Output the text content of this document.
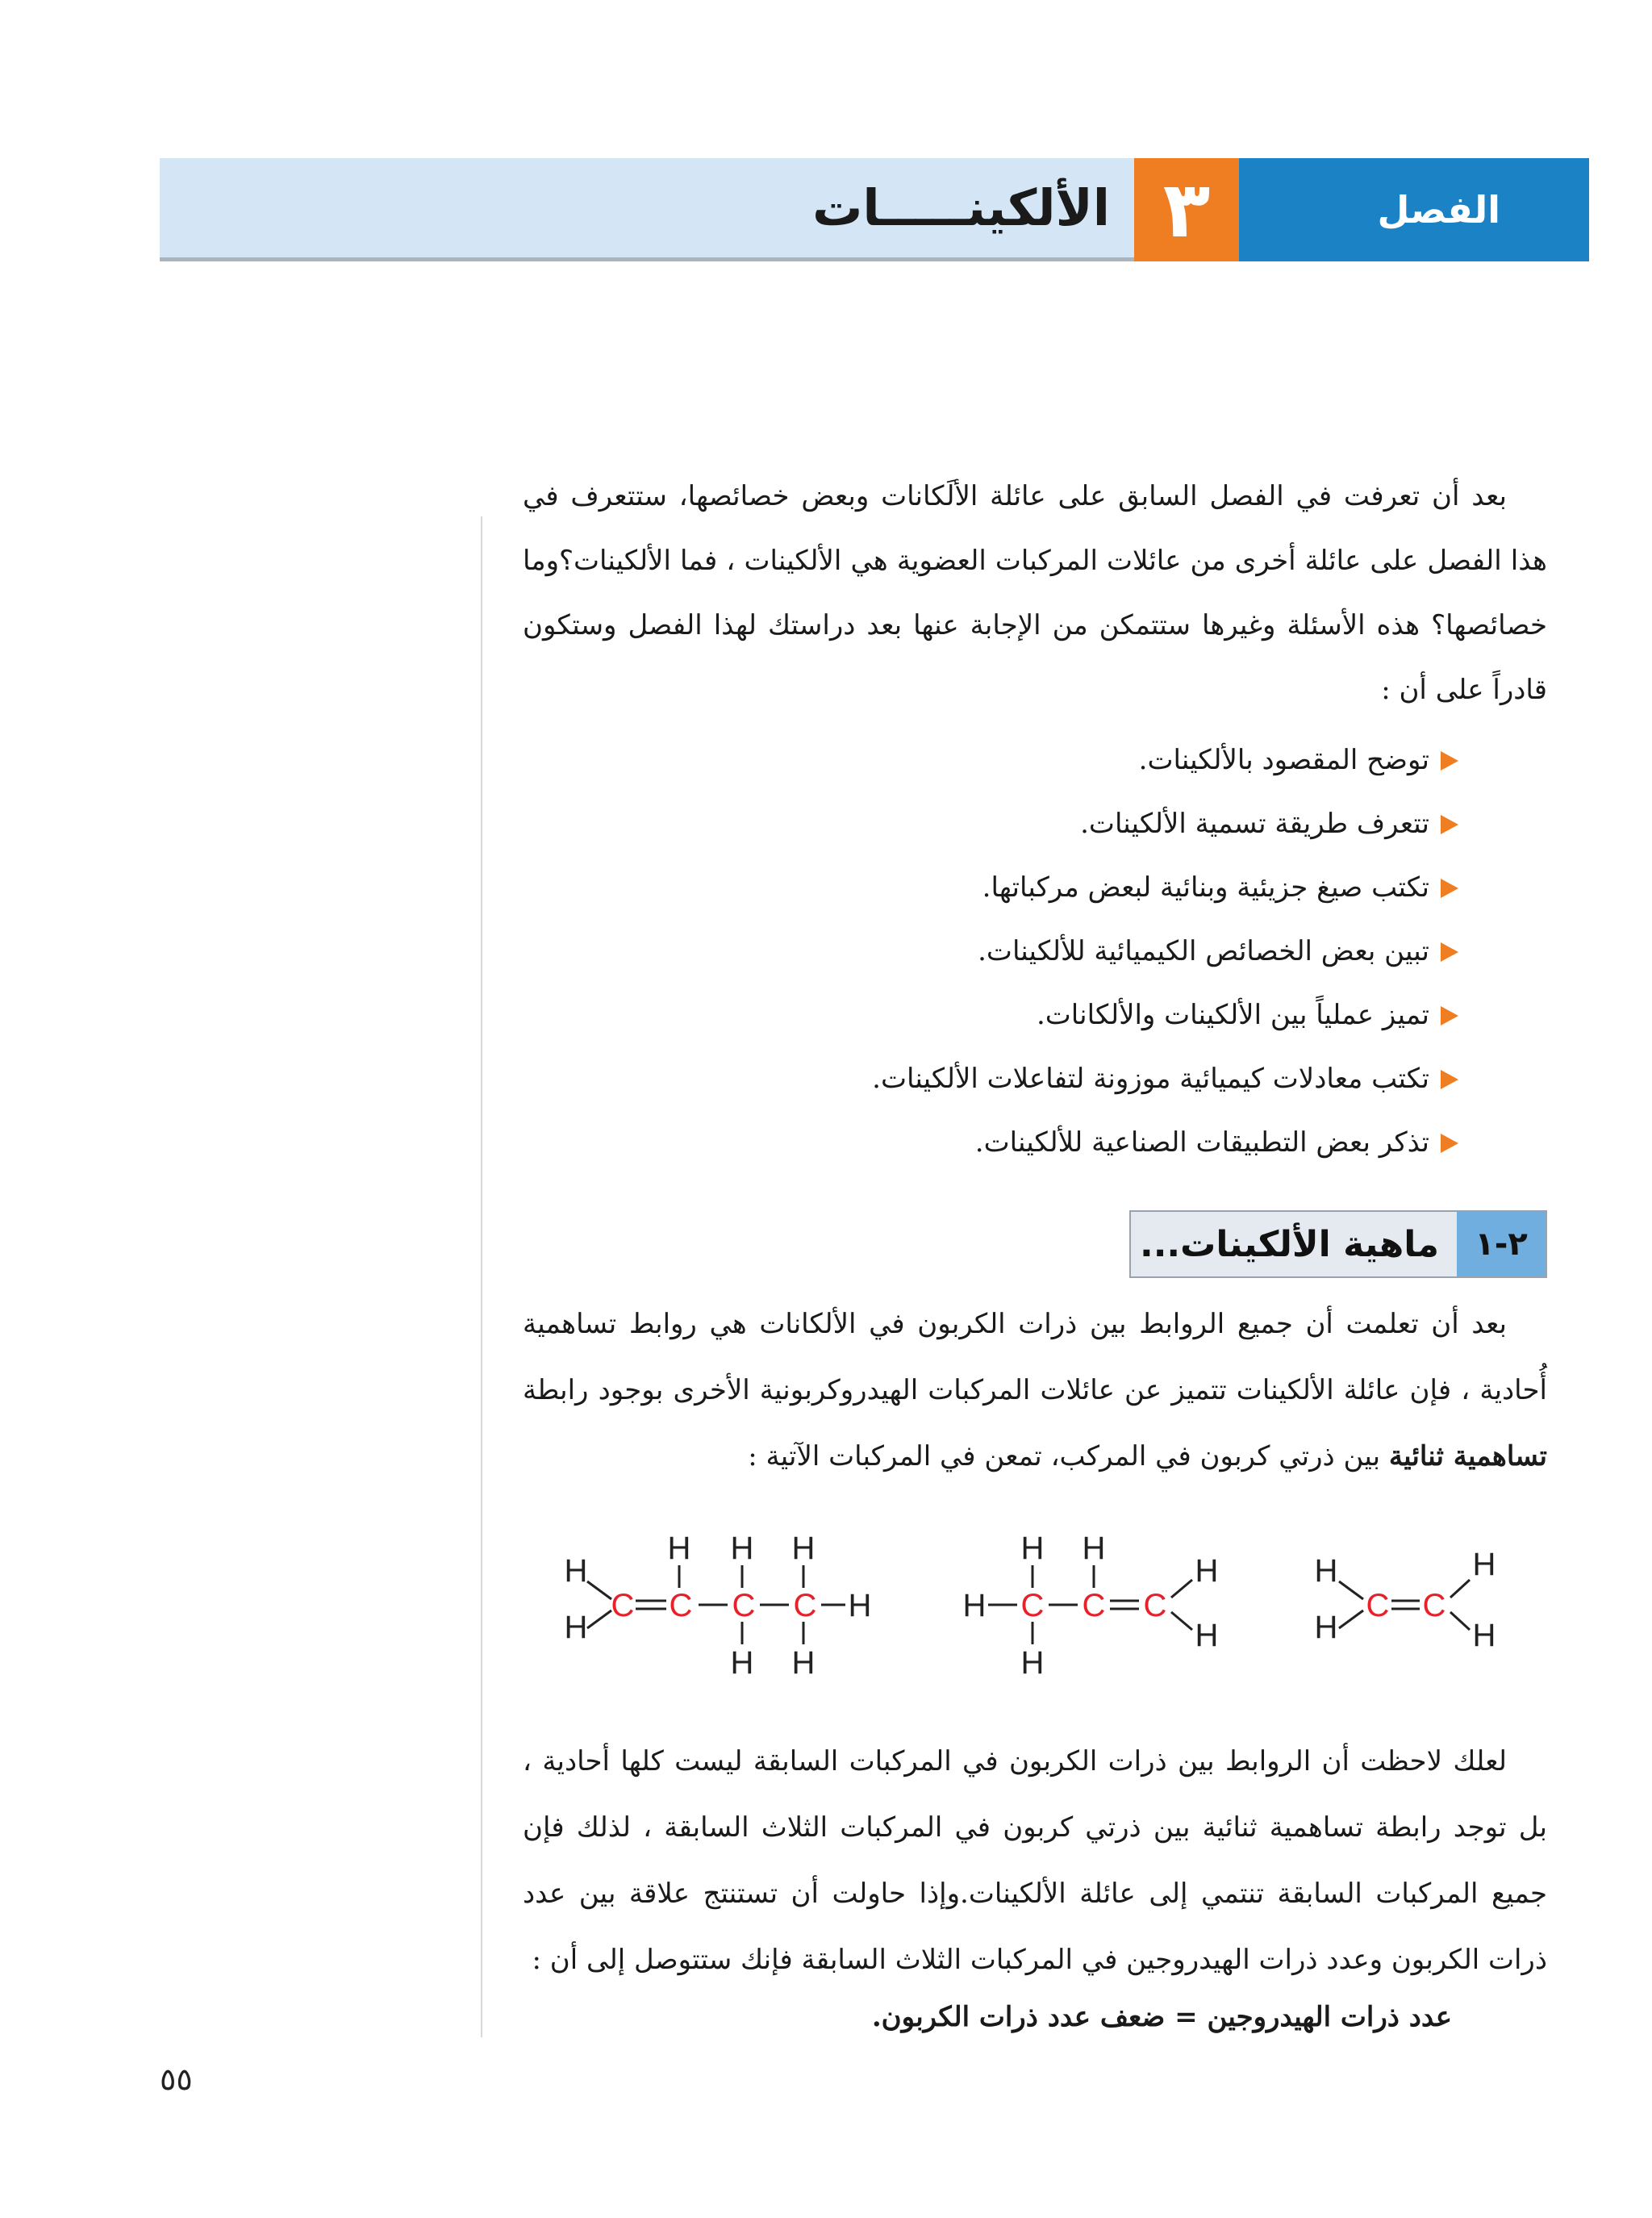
الفصل
٣
الألكينـــــات

بعد أن تعرفت في الفصل السابق على عائلة الألَكانات وبعض خصائصها، ستتعرف في هذا الفصل على عائلة أخرى من عائلات المركبات العضوية هي الألكينات ، فما الألكينات؟وما خصائصها؟ هذه الأسئلة وغيرها ستتمكن من الإجابة عنها بعد دراستك لهذا الفصل وستكون قادراً على أن :

توضح المقصود بالألكينات.
تتعرف طريقة تسمية الألكينات.
تكتب صيغ جزيئية وبنائية لبعض مركباتها.
تبين بعض الخصائص الكيميائية للألكينات.
تميز عملياً بين الألكينات والألكانات.
تكتب معادلات كيميائية موزونة لتفاعلات الألكينات.
تذكر بعض التطبيقات الصناعية للألكينات.
٢-١
ماهية الألكينات...

بعد أن تعلمت أن جميع الروابط بين ذرات الكربون في الألكانات هي روابط تساهمية أُحادية ، فإن عائلة الألكينات تتميز عن عائلات المركبات الهيدروكربونية الأخرى بوجود رابطة تساهمية ثنائية بين ذرتي كربون في المركب، تمعن في المركبات الآتية :

H
H
C C C C H
H H H
H H
H C C C
H H
H
H
H
H
H
C C
H
H

لعلك لاحظت أن الروابط بين ذرات الكربون في المركبات السابقة ليست كلها أحادية ، بل توجد رابطة تساهمية ثنائية بين ذرتي كربون في المركبات الثلاث السابقة ، لذلك فإن جميع المركبات السابقة تنتمي إلى عائلة الألكينات.وإذا حاولت أن تستنتج علاقة بين عدد ذرات الكربون وعدد ذرات الهيدروجين في المركبات الثلاث السابقة فإنك ستتوصل إلى أن :

عدد ذرات الهيدروجين = ضعف عدد ذرات الكربون.
٥٥
